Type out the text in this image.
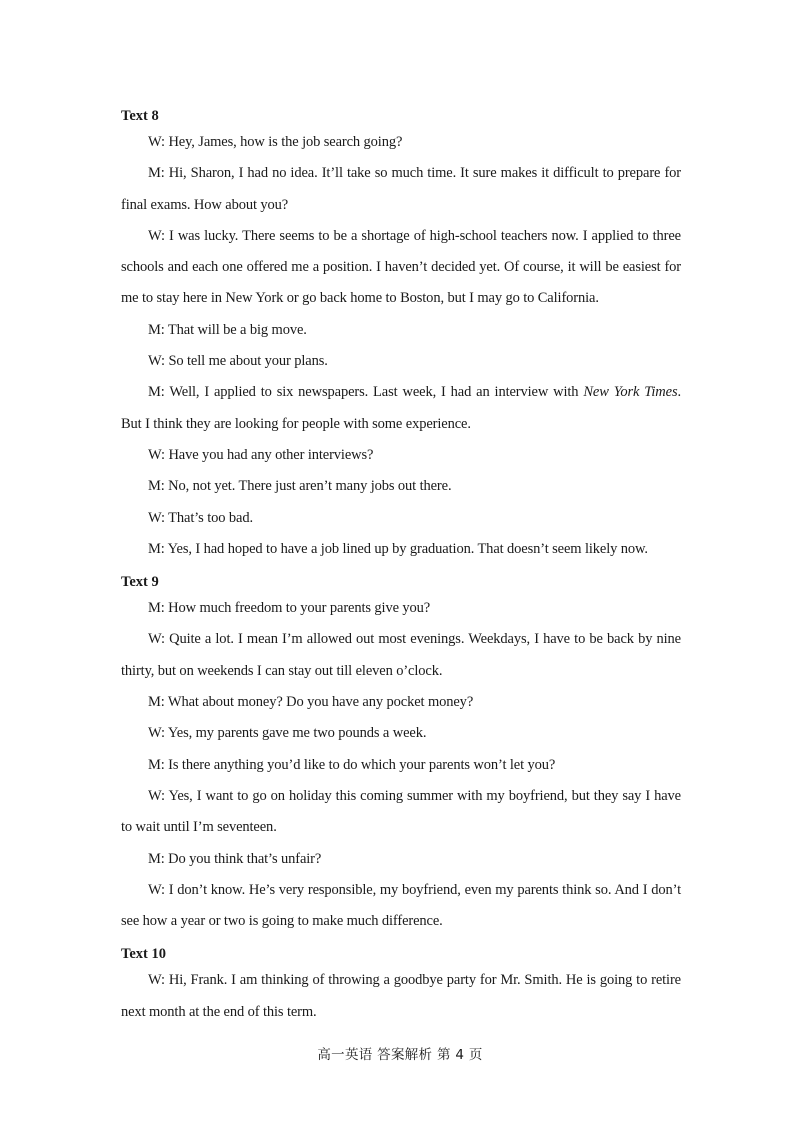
Text 8

W: Hey, James, how is the job search going?

M: Hi, Sharon, I had no idea. It’ll take so much time. It sure makes it difficult to prepare for final exams. How about you?

W: I was lucky. There seems to be a shortage of high-school teachers now. I applied to three schools and each one offered me a position. I haven’t decided yet. Of course, it will be easiest for me to stay here in New York or go back home to Boston, but I may go to California.

M: That will be a big move.

W: So tell me about your plans.

M: Well, I applied to six newspapers. Last week, I had an interview with New York Times. But I think they are looking for people with some experience.

W: Have you had any other interviews?

M: No, not yet. There just aren’t many jobs out there.

W: That’s too bad.

M: Yes, I had hoped to have a job lined up by graduation. That doesn’t seem likely now.

Text 9

M: How much freedom to your parents give you?

W: Quite a lot. I mean I’m allowed out most evenings. Weekdays, I have to be back by nine thirty, but on weekends I can stay out till eleven o’clock.

M: What about money? Do you have any pocket money?

W: Yes, my parents gave me two pounds a week.

M: Is there anything you’d like to do which your parents won’t let you?

W: Yes, I want to go on holiday this coming summer with my boyfriend, but they say I have to wait until I’m seventeen.

M: Do you think that’s unfair?

W: I don’t know. He’s very responsible, my boyfriend, even my parents think so. And I don’t see how a year or two is going to make much difference.

Text 10

W: Hi, Frank. I am thinking of throwing a goodbye party for Mr. Smith. He is going to retire next month at the end of this term.

高一英语 答案解析 第 4 页
